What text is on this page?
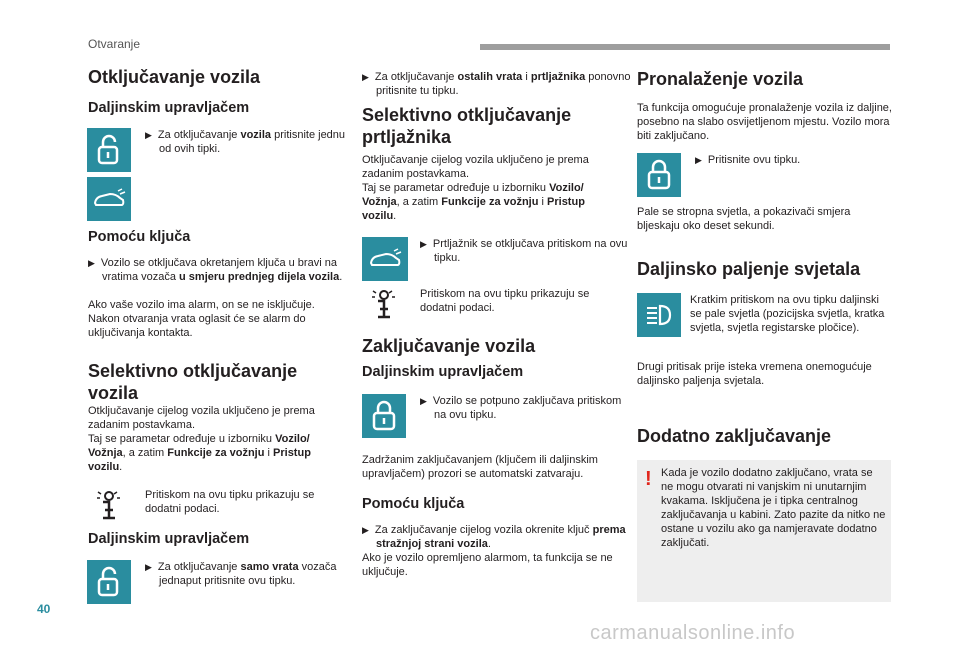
Otvaranje
Otključavanje vozila
Daljinskim upravljačem

▶ Za otključavanje vozila pritisnite jednu od ovih tipki.

Pomoću ključa

▶ Vozilo se otključava okretanjem ključa u bravi na vratima vozača u smjeru prednjeg dijela vozila.

Ako vaše vozilo ima alarm, on se ne isključuje. Nakon otvaranja vrata oglasit će se alarm do uključivanja kontakta.

Selektivno otključavanje vozila

Otključavanje cijelog vozila uključeno je prema zadanim postavkama.

Taj se parametar određuje u izborniku Vozilo/ Vožnja, a zatim Funkcije za vožnju i Pristup vozilu.

Pritiskom na ovu tipku prikazuju se dodatni podaci.

Daljinskim upravljačem

▶ Za otključavanje samo vrata vozača jednaput pritisnite ovu tipku.

▶ Za otključavanje ostalih vrata i prtljažnika ponovno pritisnite tu tipku.

Selektivno otključavanje prtljažnika

Otključavanje cijelog vozila uključeno je prema zadanim postavkama.

Taj se parametar određuje u izborniku Vozilo/ Vožnja, a zatim Funkcije za vožnju i Pristup vozilu.

▶ Prtljažnik se otključava pritiskom na ovu tipku.

Pritiskom na ovu tipku prikazuju se dodatni podaci.

Zaključavanje vozila
Daljinskim upravljačem

▶ Vozilo se potpuno zaključava pritiskom na ovu tipku.

Zadržanim zaključavanjem (ključem ili daljinskim upravljačem) prozori se automatski zatvaraju.

Pomoću ključa

▶ Za zaključavanje cijelog vozila okrenite ključ prema stražnjoj strani vozila.

Ako je vozilo opremljeno alarmom, ta funkcija se ne uključuje.

Pronalaženje vozila

Ta funkcija omogućuje pronalaženje vozila iz daljine, posebno na slabo osvijetljenom mjestu. Vozilo mora biti zaključano.

▶ Pritisnite ovu tipku.

Pale se stropna svjetla, a pokazivači smjera bljeskaju oko deset sekundi.

Daljinsko paljenje svjetala

Kratkim pritiskom na ovu tipku daljinski se pale svjetla (pozicijska svjetla, kratka svjetla, svjetla registarske pločice).

Drugi pritisak prije isteka vremena onemogućuje daljinsko paljenja svjetala.

Dodatno zaključavanje
! Kada je vozilo dodatno zaključano, vrata se ne mogu otvarati ni vanjskim ni unutarnjim kvakama. Isključena je i tipka centralnog zaključavanja u kabini. Zato pazite da nitko ne ostane u vozilu ako ga namjeravate dodatno zaključati.

40
carmanualsonline.info
